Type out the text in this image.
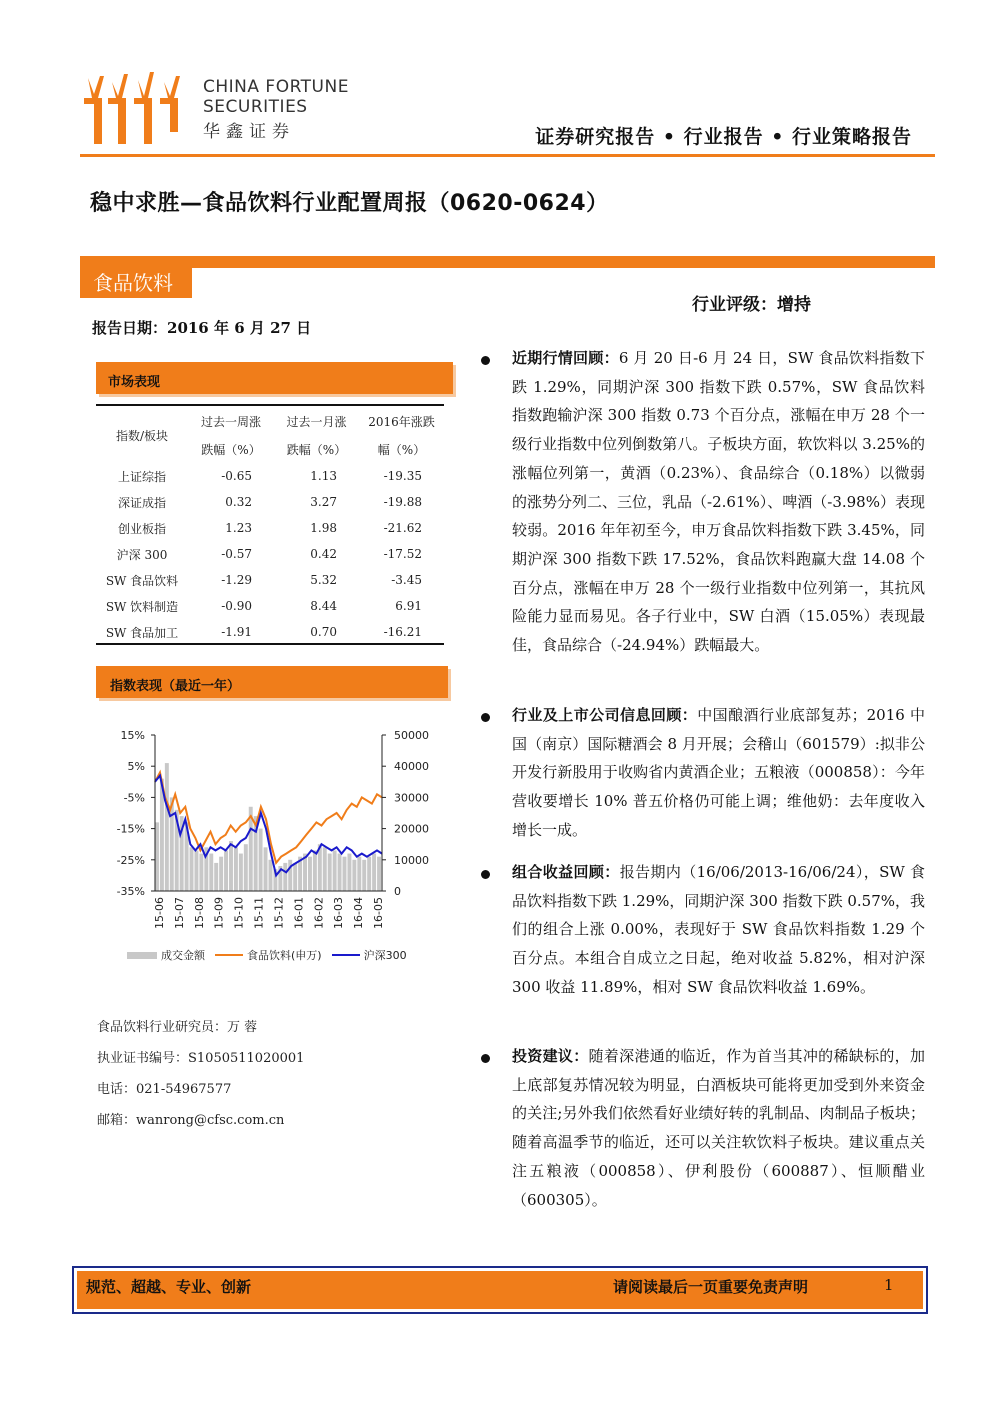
CHINA FORTUNE
SECURITIES
华鑫证券	证券研究报告 • 行业报告 • 行业策略报告
稳中求胜—食品饮料行业配置周报（0620-0624）
食品饮料
行业评级：增持
报告日期：2016 年 6 月 27 日
市场表现
指数/板块	过去一周涨	过去一月涨	2016年涨跌
	跌幅（%）	跌幅（%）	幅（%）
上证综指	-0.65	1.13	-19.35
深证成指	0.32	3.27	-19.88
创业板指	1.23	1.98	-21.62
沪深 300	-0.57	0.42	-17.52
SW 食品饮料	-1.29	5.32	-3.45
SW 饮料制造	-0.90	8.44	6.91
SW 食品加工	-1.91	0.70	-16.21
指数表现（最近一年）
15%
5%
-5%
-15%
-25%
-35%
50000
40000
30000
20000
10000
0
15-06 15-07 15-08 15-09 15-10 15-11 15-12 16-01 16-02 16-03 16-04 16-05
成交金额	食品饮料(申万)	沪深300
食品饮料行业研究员：万 蓉
执业证书编号：S1050511020001
电话：021-54967577
邮箱：wanrong@cfsc.com.cn
近期行情回顾：6 月 20 日-6 月 24 日，SW 食品饮料指数下跌 1.29%，同期沪深 300 指数下跌 0.57%，SW 食品饮料指数跑输沪深 300 指数 0.73 个百分点，涨幅在申万 28 个一级行业指数中位列倒数第八。子板块方面，软饮料以 3.25%的涨幅位列第一，黄酒（0.23%）、食品综合（0.18%）以微弱的涨势分列二、三位，乳品（-2.61%）、啤酒（-3.98%）表现较弱。2016 年年初至今，申万食品饮料指数下跌 3.45%，同期沪深 300 指数下跌 17.52%，食品饮料跑赢大盘 14.08 个百分点，涨幅在申万 28 个一级行业指数中位列第一，其抗风险能力显而易见。各子行业中，SW 白酒（15.05%）表现最佳，食品综合（-24.94%）跌幅最大。
行业及上市公司信息回顾：中国酿酒行业底部复苏；2016 中国（南京）国际糖酒会 8 月开展；会稽山（601579）:拟非公开发行新股用于收购省内黄酒企业；五粮液（000858）：今年营收要增长 10% 普五价格仍可能上调；维他奶：去年度收入增长一成。
组合收益回顾：报告期内（16/06/2013-16/06/24），SW 食品饮料指数下跌 1.29%，同期沪深 300 指数下跌 0.57%，我们的组合上涨 0.00%，表现好于 SW 食品饮料指数 1.29 个百分点。本组合自成立之日起，绝对收益 5.82%，相对沪深 300 收益 11.89%，相对 SW 食品饮料收益 1.69%。
投资建议：随着深港通的临近，作为首当其冲的稀缺标的，加上底部复苏情况较为明显，白酒板块可能将更加受到外来资金的关注;另外我们依然看好业绩好转的乳制品、肉制品子板块；随着高温季节的临近，还可以关注软饮料子板块。建议重点关注五粮液（000858）、伊利股份（600887）、恒顺醋业（600305）。
规范、超越、专业、创新	请阅读最后一页重要免责声明	1
